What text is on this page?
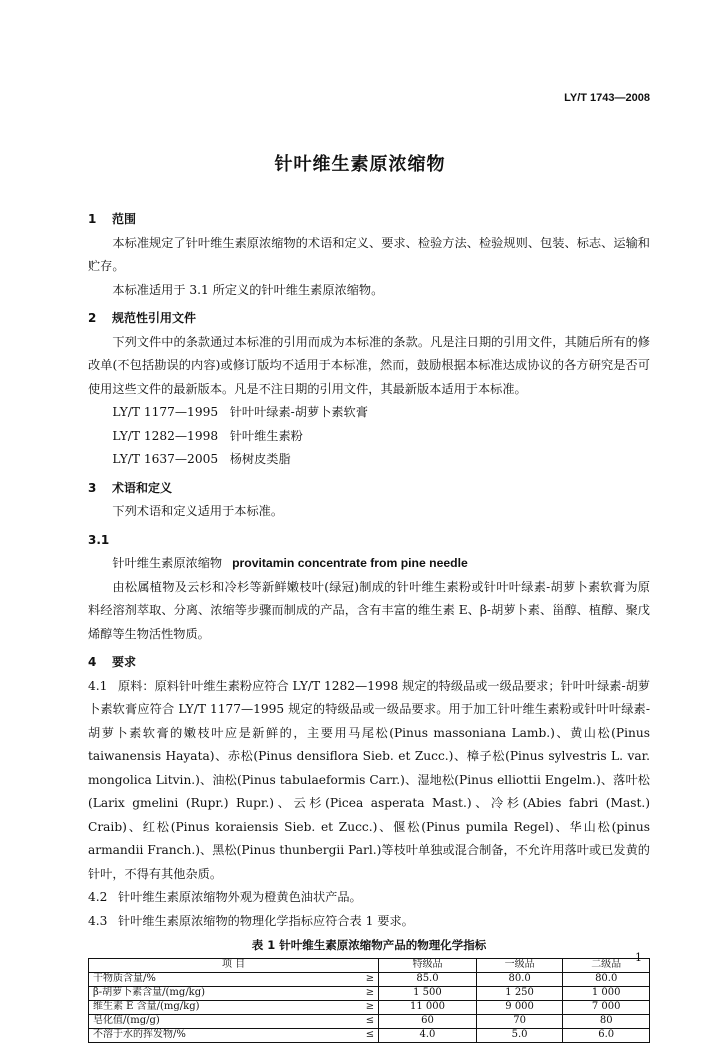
LY/T 1743—2008
针叶维生素原浓缩物
1 范围

本标准规定了针叶维生素原浓缩物的术语和定义、要求、检验方法、检验规则、包装、标志、运输和贮存。

本标准适用于 3.1 所定义的针叶维生素原浓缩物。

2 规范性引用文件

下列文件中的条款通过本标准的引用而成为本标准的条款。凡是注日期的引用文件，其随后所有的修改单(不包括勘误的内容)或修订版均不适用于本标准，然而，鼓励根据本标准达成协议的各方研究是否可使用这些文件的最新版本。凡是不注日期的引用文件，其最新版本适用于本标准。

LY/T 1177—1995   针叶叶绿素-胡萝卜素软膏
LY/T 1282—1998   针叶维生素粉
LY/T 1637—2005   杨树皮类脂
3 术语和定义

下列术语和定义适用于本标准。

3.1
针叶维生素原浓缩物 provitamin concentrate from pine needle

由松属植物及云杉和冷杉等新鲜嫩枝叶(绿冠)制成的针叶维生素粉或针叶叶绿素-胡萝卜素软膏为原料经溶剂萃取、分离、浓缩等步骤而制成的产品，含有丰富的维生素 E、β-胡萝卜素、甾醇、植醇、聚戊烯醇等生物活性物质。

4 要求

4.1 原料：原料针叶维生素粉应符合 LY/T 1282—1998 规定的特级品或一级品要求；针叶叶绿素-胡萝卜素软膏应符合 LY/T 1177—1995 规定的特级品或一级品要求。用于加工针叶维生素粉或针叶叶绿素-胡萝卜素软膏的嫩枝叶应是新鲜的，主要用马尾松(Pinus massoniana Lamb.)、黄山松(Pinus taiwanensis Hayata)、赤松(Pinus densiflora Sieb. et Zucc.)、樟子松(Pinus sylvestris L. var. mongolica Litvin.)、油松(Pinus tabulaeformis Carr.)、湿地松(Pinus elliottii Engelm.)、落叶松(Larix gmelini (Rupr.) Rupr.)、云杉(Picea asperata Mast.)、冷杉(Abies fabri (Mast.) Craib)、红松(Pinus koraiensis Sieb. et Zucc.)、偃松(Pinus pumila Regel)、华山松(pinus armandii Franch.)、黑松(Pinus thunbergii Parl.)等枝叶单独或混合制备，不允许用落叶或已发黄的针叶，不得有其他杂质。

4.2 针叶维生素原浓缩物外观为橙黄色油状产品。

4.3 针叶维生素原浓缩物的物理化学指标应符合表 1 要求。

表 1 针叶维生素原浓缩物产品的物理化学指标
项 目		特级品	一级品	二级品
干物质含量/%	≥	85.0	80.0	80.0
β-胡萝卜素含量/(mg/kg)	≥	1 500	1 250	1 000
维生素 E 含量/(mg/kg)	≥	11 000	9 000	7 000
皂化值/(mg/g)	≤	60	70	80
不溶于水的挥发物/%	≤	4.0	5.0	6.0
1
